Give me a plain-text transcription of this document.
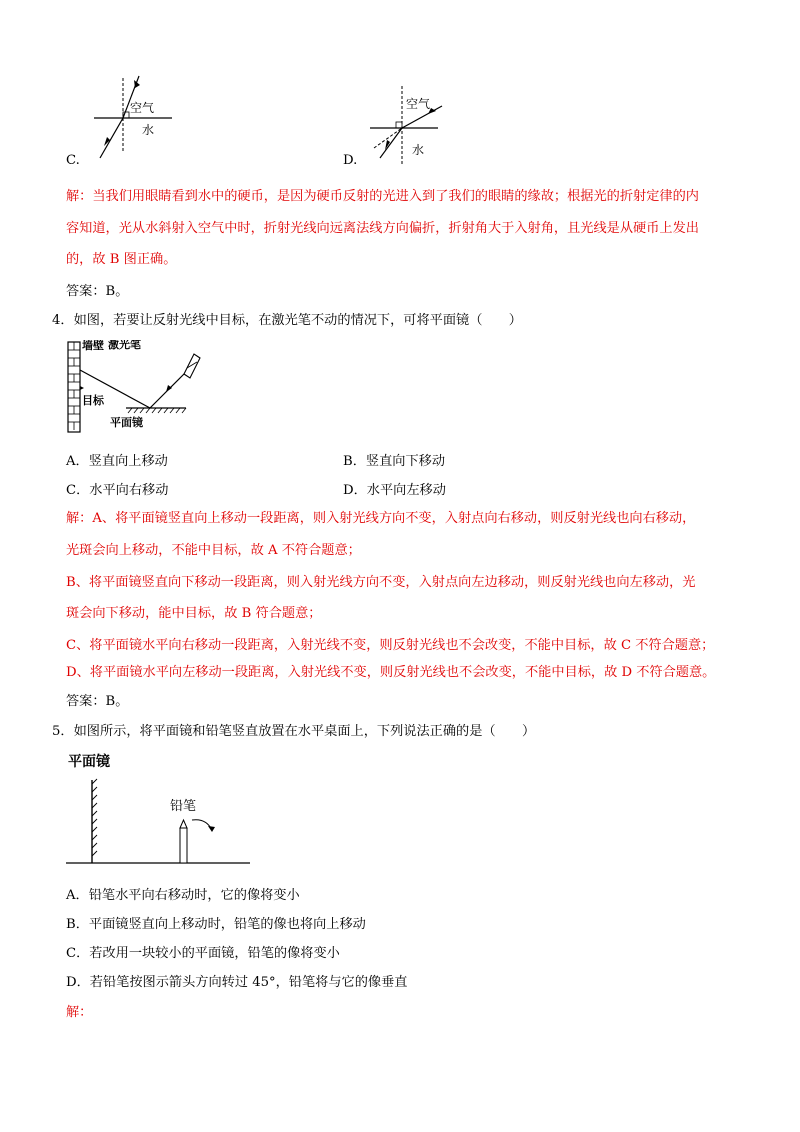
空气
水
C.
空气
水
D.
解：当我们用眼睛看到水中的硬币，是因为硬币反射的光进入到了我们的眼睛的缘故；根据光的折射定律的内
容知道，光从水斜射入空气中时，折射光线向远离法线方向偏折，折射角大于入射角，且光线是从硬币上发出
的，故 B 图正确。
答案：B。
4．如图，若要让反射光线中目标，在激光笔不动的情况下，可将平面镜（　　）
激光笔
墙壁
目标
平面镜
A．竖直向上移动	B．竖直向下移动
C．水平向右移动	D．水平向左移动
解：A、将平面镜竖直向上移动一段距离，则入射光线方向不变，入射点向右移动，则反射光线也向右移动，
光斑会向上移动，不能中目标，故 A 不符合题意；
B、将平面镜竖直向下移动一段距离，则入射光线方向不变，入射点向左边移动，则反射光线也向左移动，光
斑会向下移动，能中目标，故 B 符合题意；
C、将平面镜水平向右移动一段距离，入射光线不变，则反射光线也不会改变，不能中目标，故 C 不符合题意；
D、将平面镜水平向左移动一段距离，入射光线不变，则反射光线也不会改变，不能中目标，故 D 不符合题意。
答案：B。
5．如图所示，将平面镜和铅笔竖直放置在水平桌面上，下列说法正确的是（　　）
平面镜
铅笔
A．铅笔水平向右移动时，它的像将变小
B．平面镜竖直向上移动时，铅笔的像也将向上移动
C．若改用一块较小的平面镜，铅笔的像将变小
D．若铅笔按图示箭头方向转过 45°，铅笔将与它的像垂直
解：
